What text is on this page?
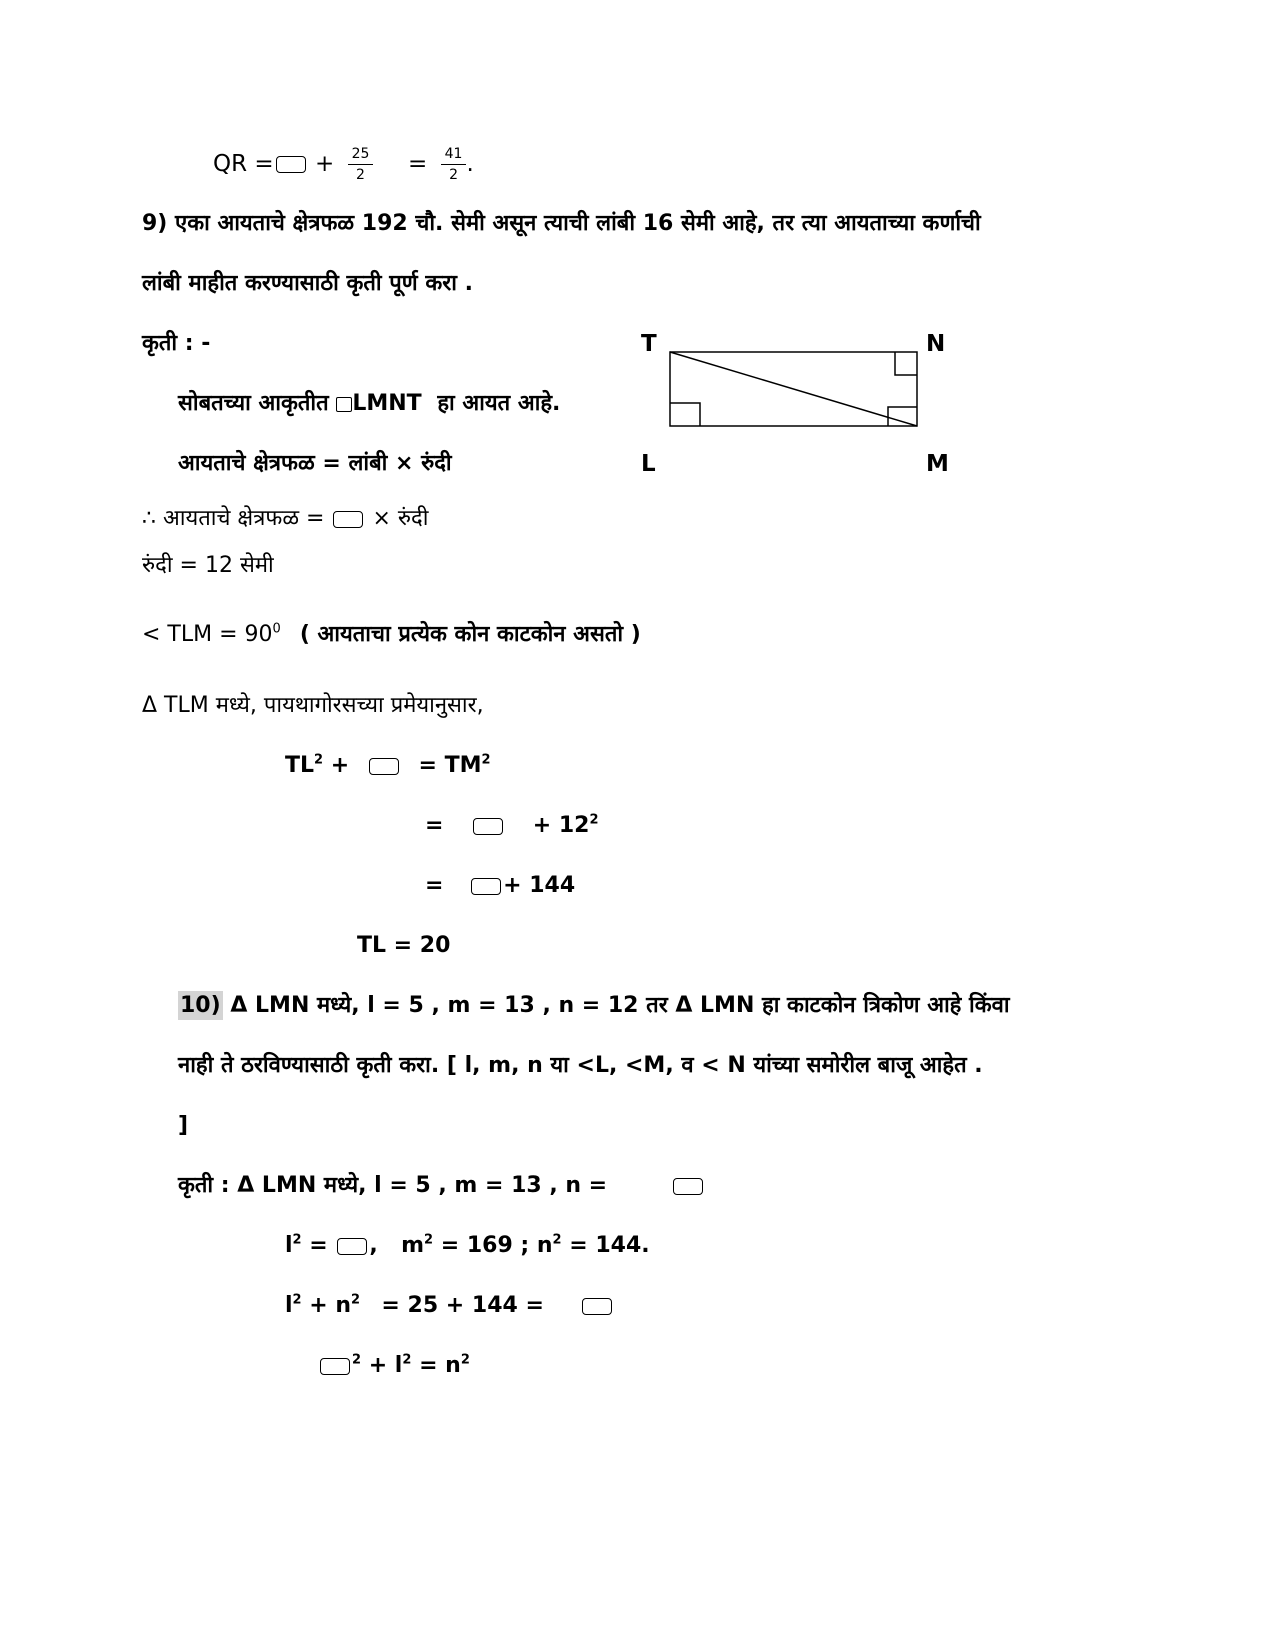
QR = + $\frac{25}{2} = \frac{41}{2}$ .
9) एका आयताचे क्षेत्रफळ 192 चौ. सेमी असून त्याची लांबी 16 सेमी आहे, तर त्या आयताच्या कर्णाची
लांबी माहीत करण्यासाठी कृती पूर्ण करा .
कृती : -
सोबतच्या आकृतीत LMNT हा आयत आहे.
आयताचे क्षेत्रफळ = लांबी × रुंदी
∴ आयताचे क्षेत्रफळ = × रुंदी
रुंदी = 12 सेमी
< TLM = $90^0$ ( आयताचा प्रत्येक कोन काटकोन असतो )
Δ TLM मध्ये, पायथागोरसच्या प्रमेयानुसार,
$TL^2$ +	= $TM^2$
=	+ $12^2$
=	+ 144
TL = 20
T	N
L	M
10) Δ LMN मध्ये, l = 5 , m = 13 , n = 12 तर Δ LMN हा काटकोन त्रिकोण आहे किंवा
नाही ते ठरविण्यासाठी कृती करा. [ l, m, n या <L, <M, व < N यांच्या समोरील बाजू आहेत .
]
कृती : Δ LMN मध्ये, l = 5 , m = 13 , n =
$l^2$ = ,  $m^2 = 169$ ; $n^2 = 144$.
$l^2 + n^2 = 25 + 144$ =
$^2 + l^2 = n^2$
